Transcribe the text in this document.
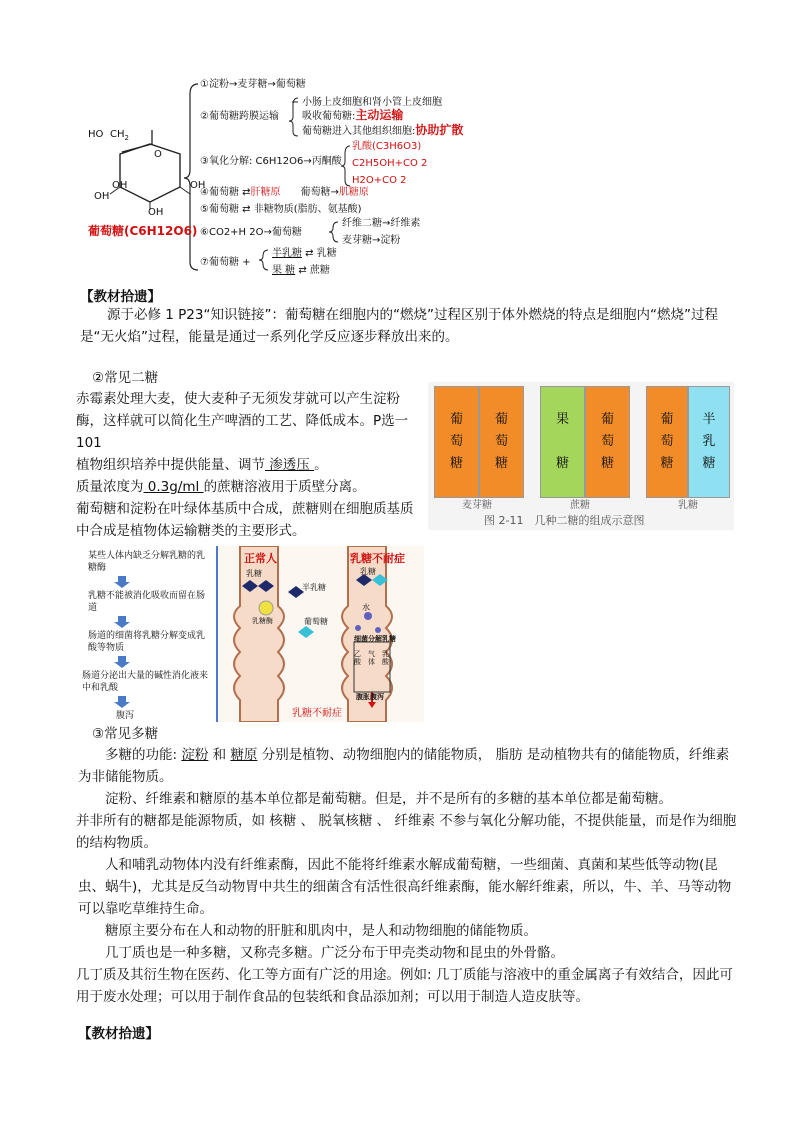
HO $CH_2$
O
OH
OH	OH
OH
葡萄糖(C6H12O6)
①淀粉→麦芽糖→葡萄糖
②葡萄糖跨膜运输
小肠上皮细胞和肾小管上皮细胞
吸收葡萄糖:主动运输
葡萄糖进入其他组织细胞:协助扩散
③氧化分解: C6H12O6→丙酮酸
乳酸(C3H6O3)
C2H5OH+CO 2
H2O+CO 2
④葡萄糖 ⇄肝糖原 葡萄糖→肌糖原
⑤葡萄糖 ⇄ 非糖物质(脂肪、氨基酸)
⑥CO2+H 2O→葡萄糖
纤维二糖→纤维素
麦芽糖→淀粉
⑦葡萄糖 +
半乳糖 ⇄ 乳糖
果 糖 ⇄ 蔗糖
【教材拾遗】
源于必修 1 P23“知识链接”：葡萄糖在细胞内的“燃烧”过程区别于体外燃烧的特点是细胞内“燃烧”过程是“无火焰”过程，能量是通过一系列化学反应逐步释放出来的。
②常见二糖
赤霉素处理大麦，使大麦种子无须发芽就可以产生淀粉酶，这样就可以简化生产啤酒的工艺、降低成本。P选一101
植物组织培养中提供能量、调节 渗透压 。
质量浓度为 0.3g/ml 的蔗糖溶液用于质壁分离。
葡萄糖和淀粉在叶绿体基质中合成，蔗糖则在细胞质基质中合成是植物体运输糖类的主要形式。
葡
萄
糖
葡
萄
糖
果

糖
葡
萄
糖
葡
萄
糖
半
乳
糖
麦芽糖	蔗糖	乳糖
图 2-11　几种二糖的组成示意图
某些人体内缺乏分解乳糖的乳糖酶
乳糖不能被消化吸收而留在肠道
肠道的细菌将乳糖分解变成乳酸等物质
肠道分泌出大量的碱性消化液来中和乳酸
腹泻
正常人	乳糖不耐症
乳糖	乳糖
半乳糖
葡萄糖
乳糖酶
水
细菌分解乳糖
乙酸
气体
乳酸
腹胀腹泻
乳糖不耐症
③常见多糖
多糖的功能: 淀粉 和 糖原 分别是植物、动物细胞内的储能物质， 脂肪 是动植物共有的储能物质，纤维素 为非储能物质。
淀粉、纤维素和糖原的基本单位都是葡萄糖。但是，并不是所有的多糖的基本单位都是葡萄糖。
并非所有的糖都是能源物质，如 核糖 、 脱氧核糖 、 纤维素 不参与氧化分解功能，不提供能量，而是作为细胞的结构物质。
人和哺乳动物体内没有纤维素酶，因此不能将纤维素水解成葡萄糖，一些细菌、真菌和某些低等动物(昆虫、蜗牛)，尤其是反刍动物胃中共生的细菌含有活性很高纤维素酶，能水解纤维素，所以，牛、羊、马等动物可以靠吃草维持生命。
糖原主要分布在人和动物的肝脏和肌肉中，是人和动物细胞的储能物质。
几丁质也是一种多糖，又称壳多糖。广泛分布于甲壳类动物和昆虫的外骨骼。
几丁质及其衍生物在医药、化工等方面有广泛的用途。例如: 几丁质能与溶液中的重金属离子有效结合，因此可用于废水处理；可以用于制作食品的包装纸和食品添加剂；可以用于制造人造皮肤等。
【教材拾遗】
